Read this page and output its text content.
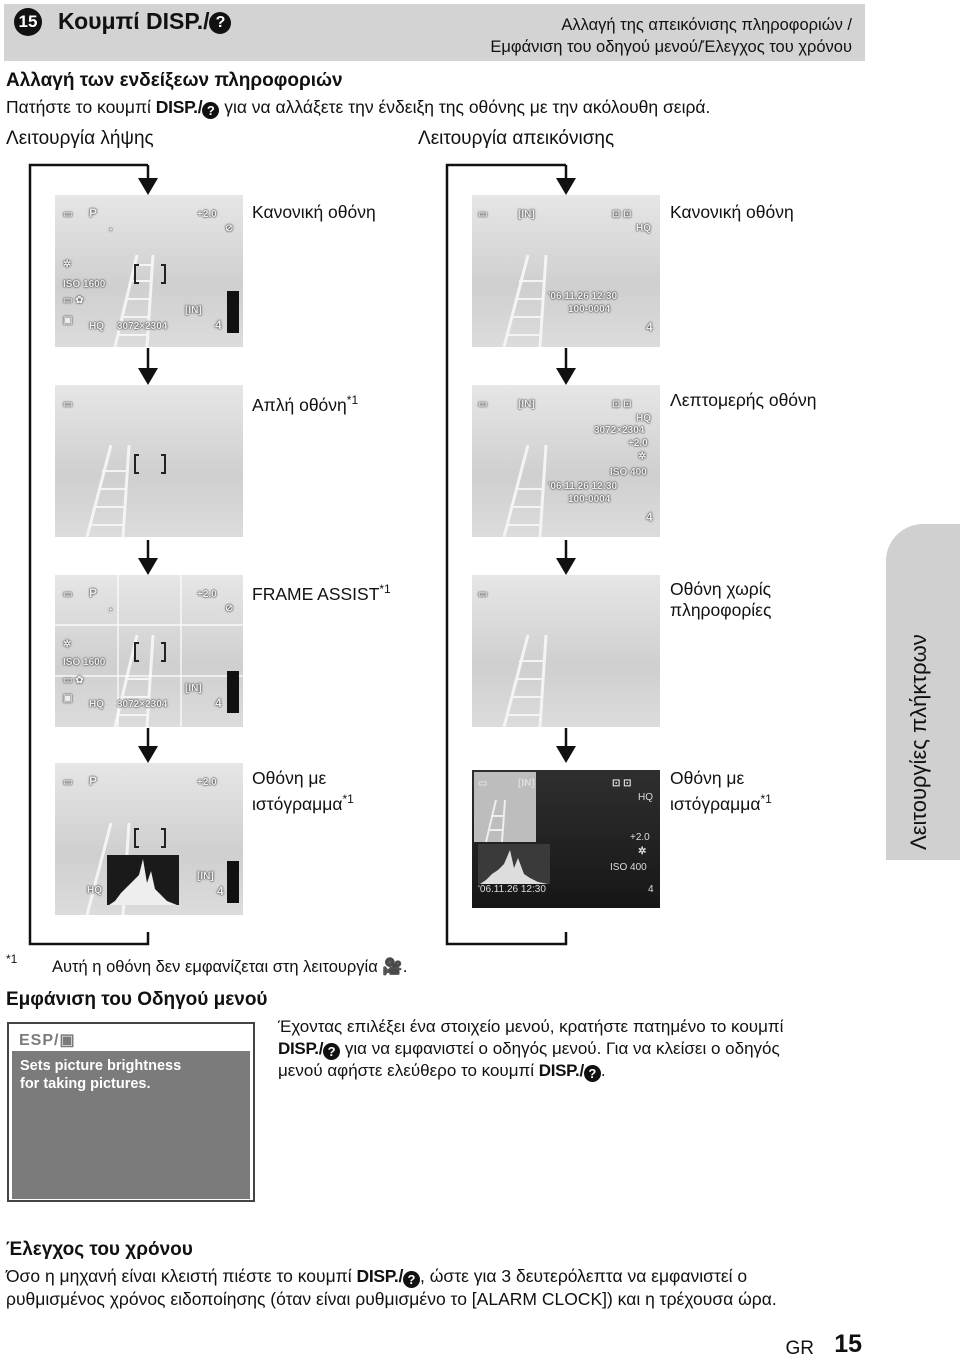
15 Κουμπί DISP./ ?	Αλλαγή της απεικόνισης πληροφοριών /
Εμφάνιση του οδηγού μενού/Έλεγχος του χρόνου
Αλλαγή των ενδείξεων πληροφοριών
Πατήστε το κουμπί DISP./ ? για να αλλάξετε την ένδειξη της οθόνης με την ακόλουθη σειρά.
Λειτουργία λήψης	Λειτουργία απεικόνισης
▭ P	+2.0
⊘
◔
✲
ISO 1600
▭ ✿
▣
HQ 3072×2304
[IN]
4
Κανονική οθόνη
▭	Απλή οθόνη$^{*1}$
▭ P	+2.0
⊘
◔
✲
ISO 1600
▭ ✿
▣
HQ 3072×2304
[IN]
4
FRAME ASSIST$^{*1}$
▭ P	+2.0
HQ
[IN]
4
Οθόνη με
ιστόγραμμα$^{*1}$
▭	[IN]	⊡ ⊡
HQ
'06.11.26 12:30
100-0004
4
Κανονική οθόνη
▭	[IN]	⊡ ⊡
HQ
3072×2304
+2.0
✲
ISO 400
'06.11.26 12:30
100-0004
4
Λεπτομερής οθόνη
▭	Οθόνη χωρίς
πληροφορίες
▭	[IN]	⊡ ⊡
HQ
+2.0
✲
ISO 400
'06.11.26 12:30	4
Οθόνη με
ιστόγραμμα$^{*1}$	Λειτουργίες πλήκτρων
*1 Αυτή η οθόνη δεν εμφανίζεται στη λειτουργία 🎥.
Εμφάνιση του Οδηγού μενού
ESP/▣
Sets picture brightness
for taking pictures.
Έχοντας επιλέξει ένα στοιχείο μενού, κρατήστε πατημένο το κουμπί
DISP./ ? για να εμφανιστεί ο οδηγός μενού. Για να κλείσει ο οδηγός
μενού αφήστε ελεύθερο το κουμπί DISP./ ? .
Έλεγχος του χρόνου
Όσο η μηχανή είναι κλειστή πιέστε το κουμπί DISP./ ? , ώστε για 3 δευτερόλεπτα να εμφανιστεί ο
ρυθμισμένος χρόνος ειδοποίησης (όταν είναι ρυθμισμένο το [ALARM CLOCK]) και η τρέχουσα ώρα.
GR 15
